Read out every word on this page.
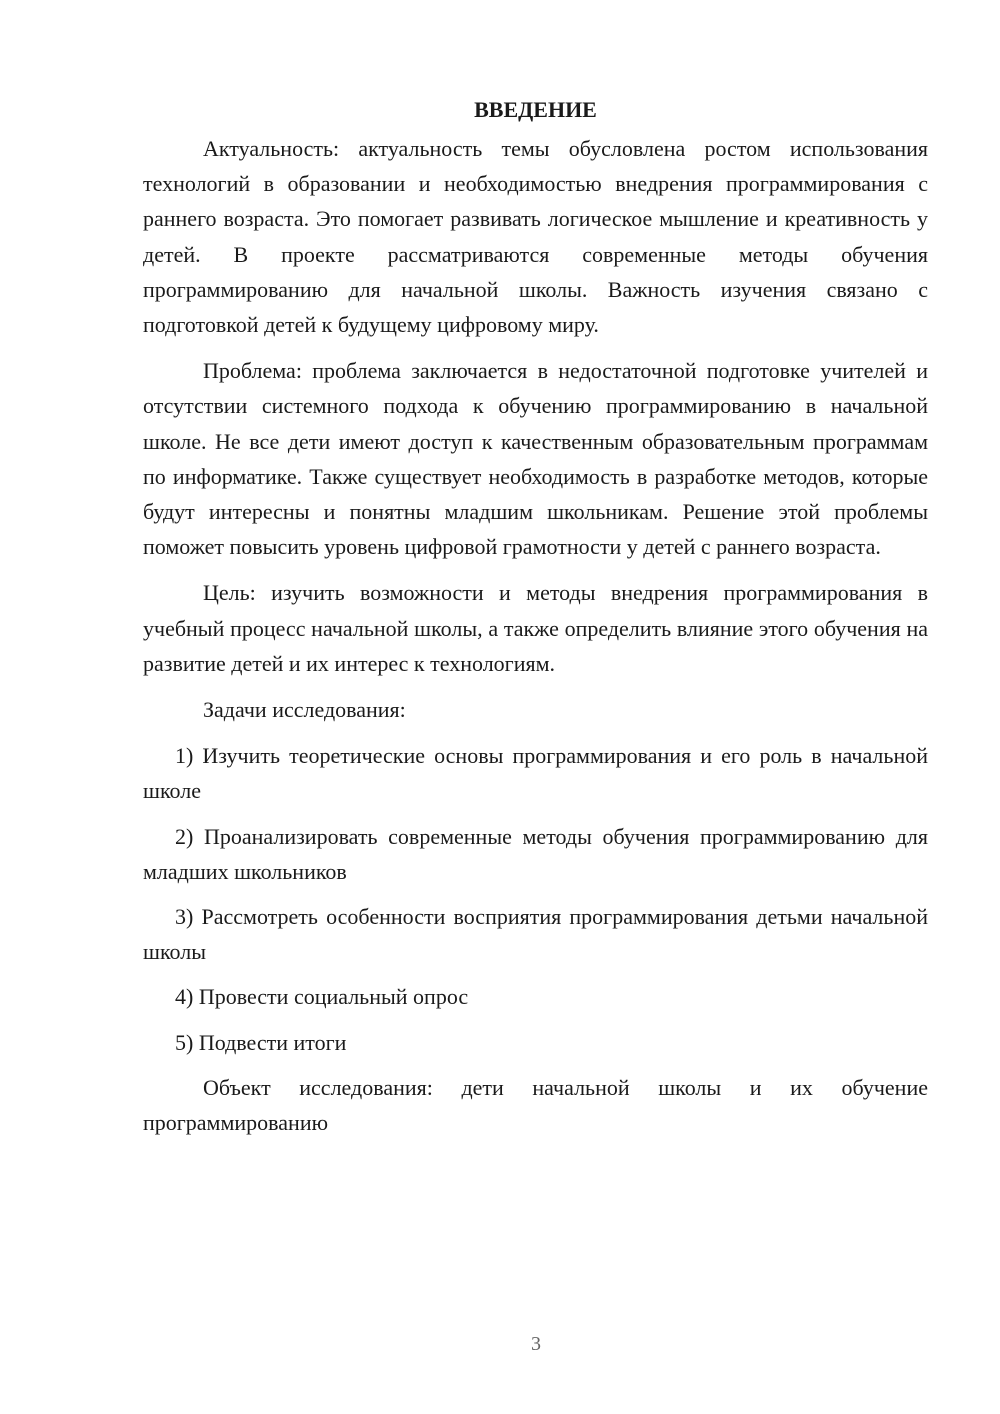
ВВЕДЕНИЕ

Актуальность: актуальность темы обусловлена ростом использования технологий в образовании и необходимостью внедрения программирования с раннего возраста. Это помогает развивать логическое мышление и креативность у детей. В проекте рассматриваются современные методы обучения программированию для начальной школы. Важность изучения связано с подготовкой детей к будущему цифровому миру.

Проблема: проблема заключается в недостаточной подготовке учителей и отсутствии системного подхода к обучению программированию в начальной школе. Не все дети имеют доступ к качественным образовательным программам по информатике. Также существует необходимость в разработке методов, которые будут интересны и понятны младшим школьникам. Решение этой проблемы поможет повысить уровень цифровой грамотности у детей с раннего возраста.

Цель: изучить возможности и методы внедрения программирования в учебный процесс начальной школы, а также определить влияние этого обучения на развитие детей и их интерес к технологиям.

Задачи исследования:

1) Изучить теоретические основы программирования и его роль в начальной школе

2) Проанализировать современные методы обучения программированию для младших школьников

3) Рассмотреть особенности восприятия программирования детьми начальной школы

4) Провести социальный опрос

5) Подвести итоги

Объект исследования: дети начальной школы и их обучение программированию

3
